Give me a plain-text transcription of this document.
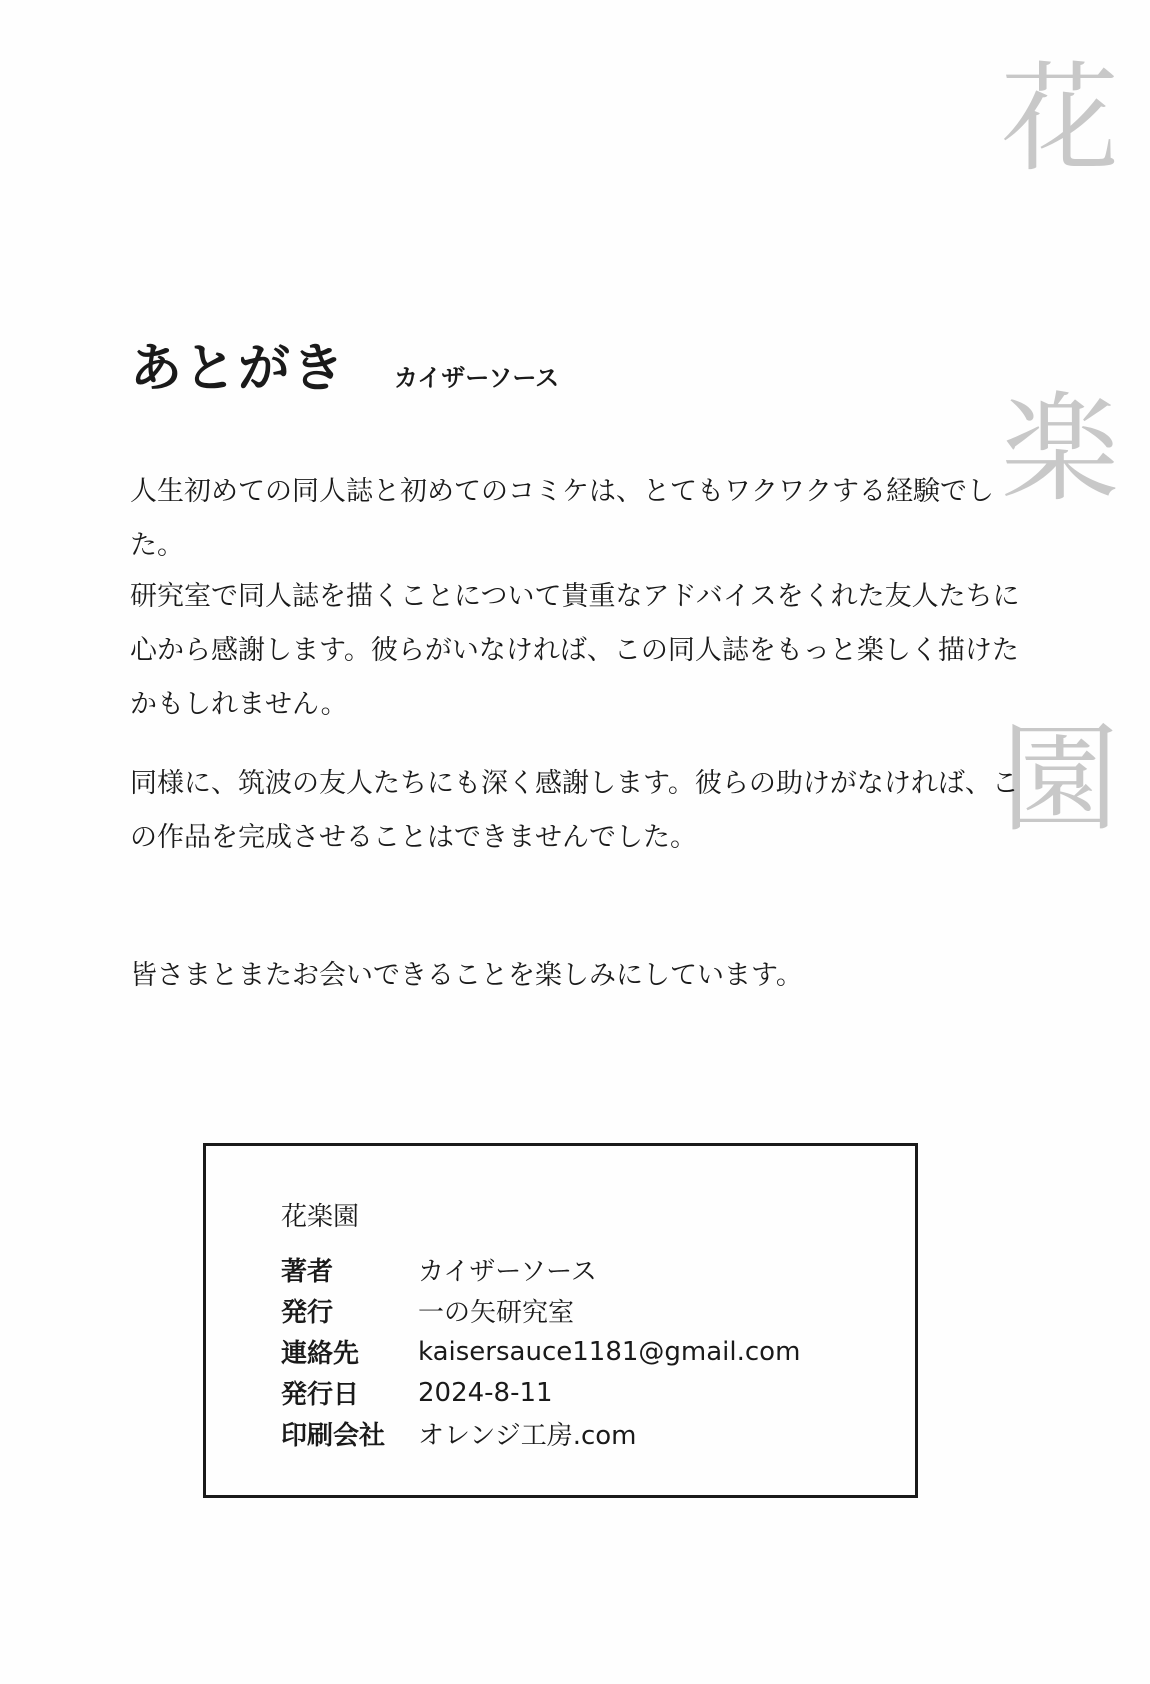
花
楽
園
あとがき カイザーソース

人生初めての同人誌と初めてのコミケは、とてもワクワクする経験でした。

研究室で同人誌を描くことについて貴重なアドバイスをくれた友人たちに心から感謝します。彼らがいなければ、この同人誌をもっと楽しく描けたかもしれません。

同様に、筑波の友人たちにも深く感謝します。彼らの助けがなければ、この作品を完成させることはできませんでした。

皆さまとまたお会いできることを楽しみにしています。

花楽園
著者	カイザーソース
発行	一の矢研究室
連絡先	kaisersauce1181@gmail.com
発行日	2024-8-11
印刷会社	オレンジ工房.com
